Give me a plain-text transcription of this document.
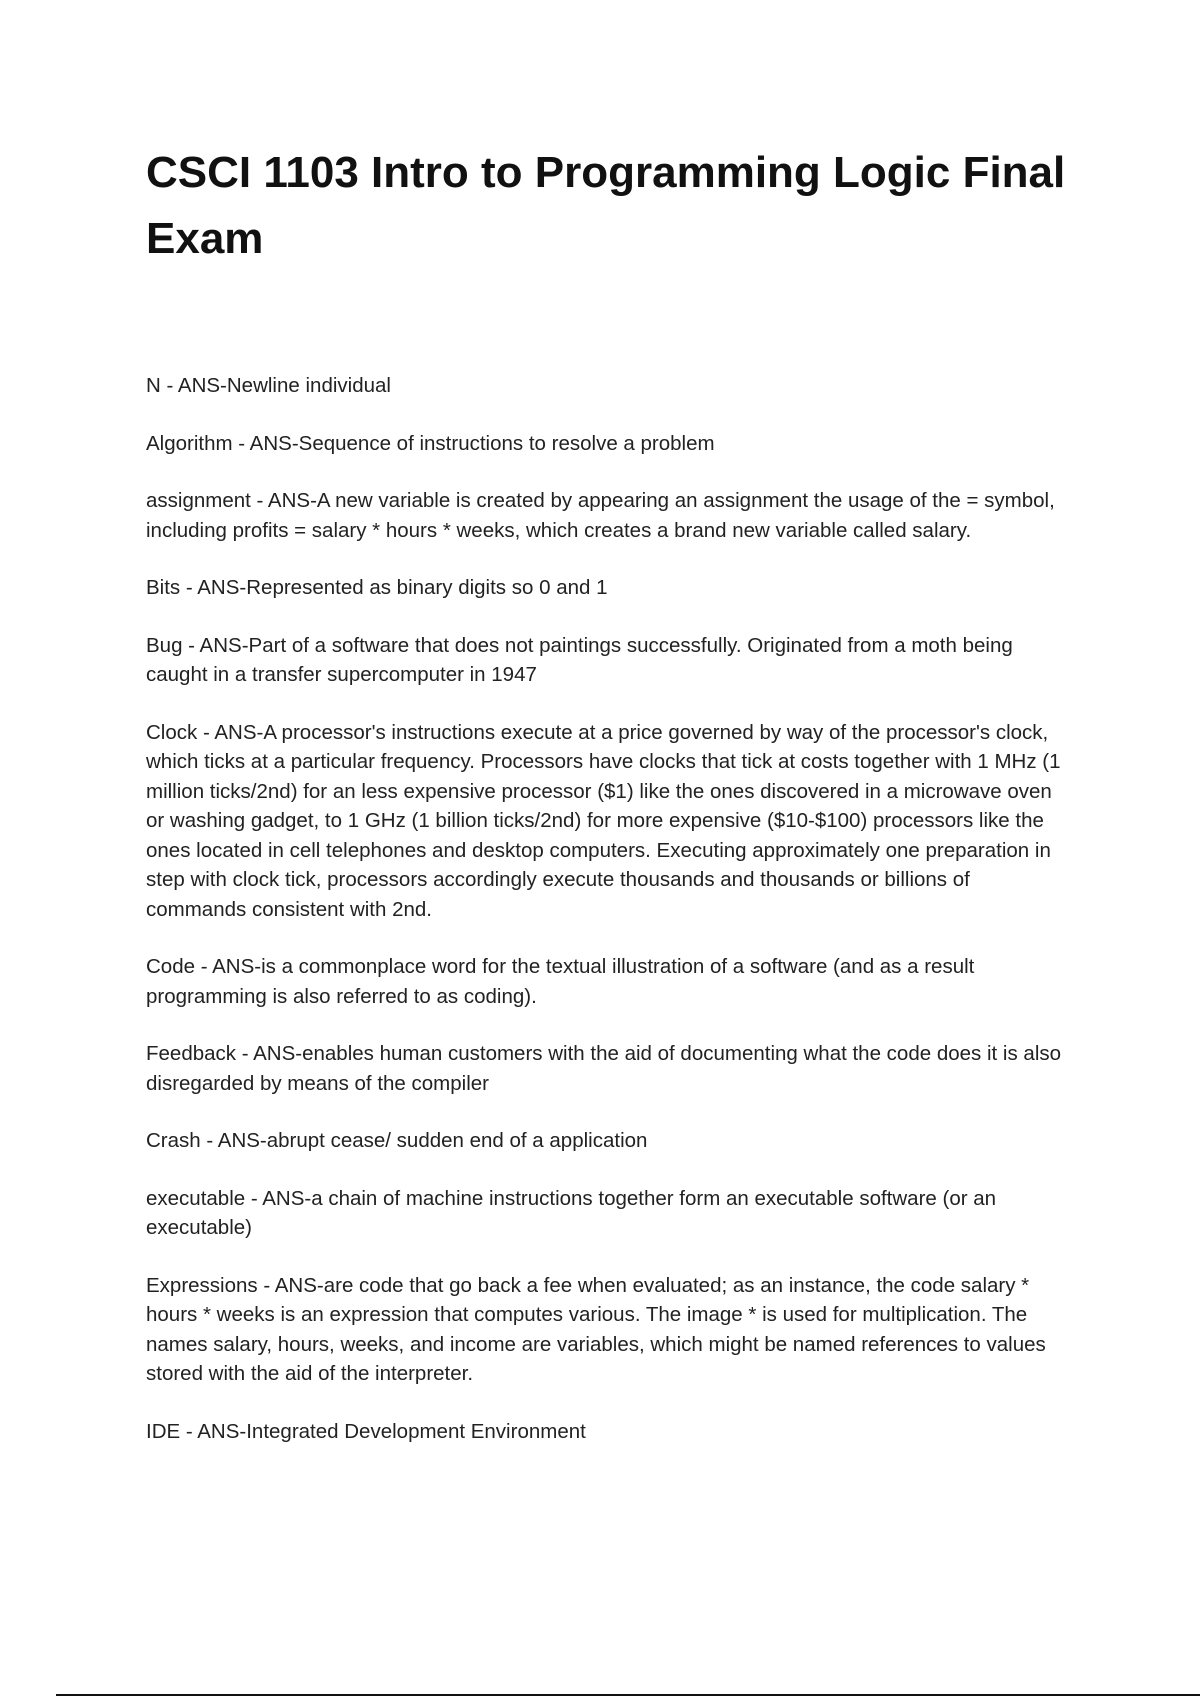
CSCI 1103 Intro to Programming Logic Final Exam

N - ANS-Newline individual

Algorithm - ANS-Sequence of instructions to resolve a problem

assignment - ANS-A new variable is created by appearing an assignment the usage of the = symbol, including profits = salary * hours * weeks, which creates a brand new variable called salary.

Bits - ANS-Represented as binary digits so 0 and 1

Bug - ANS-Part of a software that does not paintings successfully. Originated from a moth being caught in a transfer supercomputer in 1947

Clock - ANS-A processor's instructions execute at a price governed by way of the processor's clock, which ticks at a particular frequency. Processors have clocks that tick at costs together with 1 MHz (1 million ticks/2nd) for an less expensive processor ($1) like the ones discovered in a microwave oven or washing gadget, to 1 GHz (1 billion ticks/2nd) for more expensive ($10-$100) processors like the ones located in cell telephones and desktop computers. Executing approximately one preparation in step with clock tick, processors accordingly execute thousands and thousands or billions of commands consistent with 2nd.

Code - ANS-is a commonplace word for the textual illustration of a software (and as a result programming is also referred to as coding).

Feedback - ANS-enables human customers with the aid of documenting what the code does it is also disregarded by means of the compiler

Crash - ANS-abrupt cease/ sudden end of a application

executable - ANS-a chain of machine instructions together form an executable software (or an executable)

Expressions - ANS-are code that go back a fee when evaluated; as an instance, the code salary * hours * weeks is an expression that computes various. The image * is used for multiplication. The names salary, hours, weeks, and income are variables, which might be named references to values stored with the aid of the interpreter.

IDE - ANS-Integrated Development Environment
